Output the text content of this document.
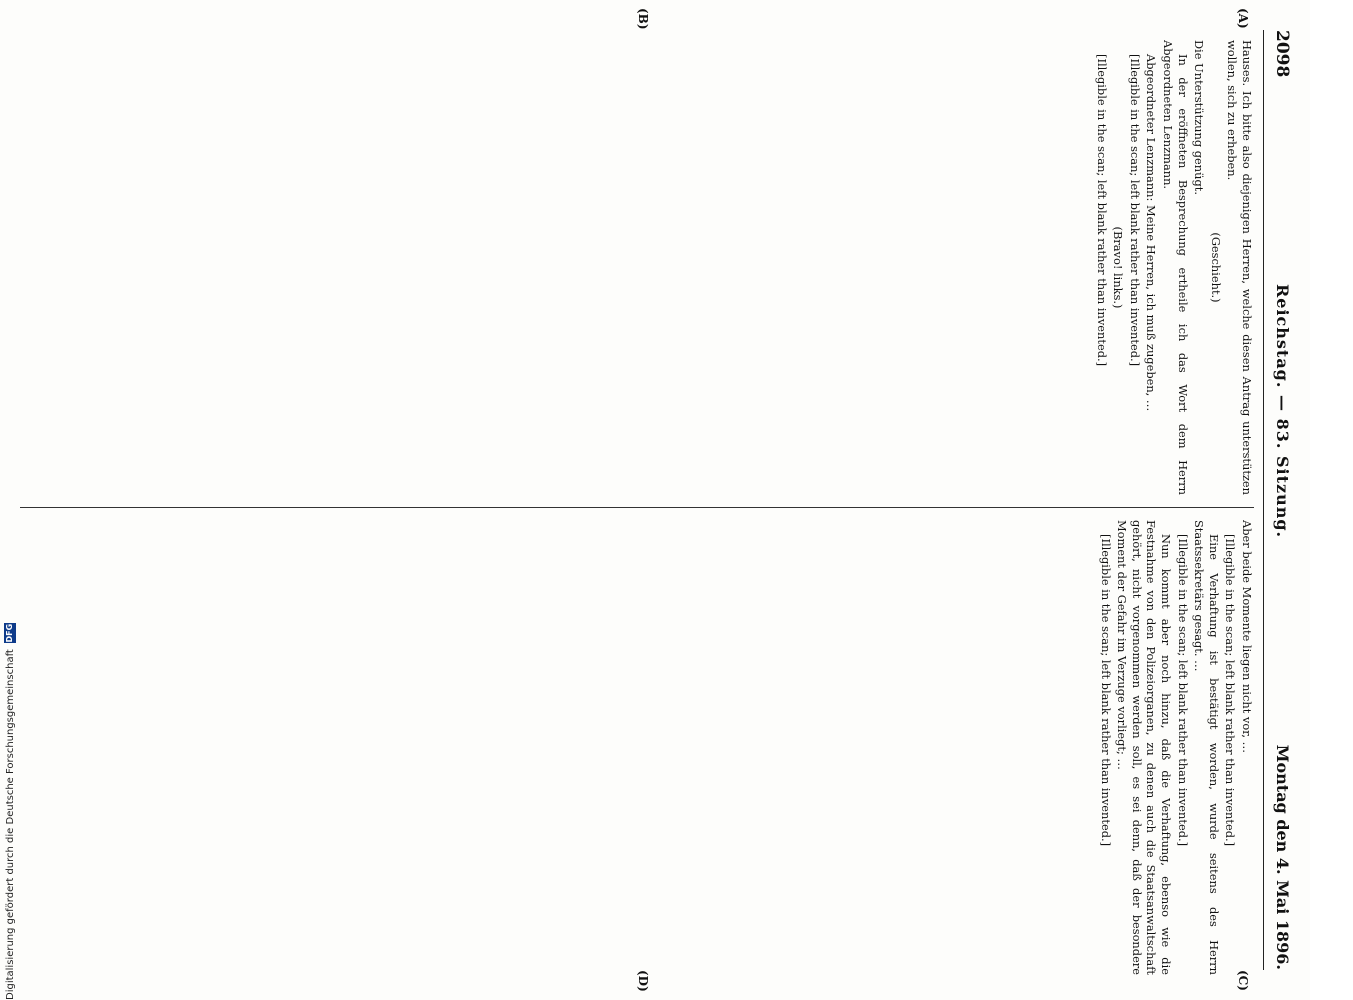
2098
Reichstag. — 83. Sitzung.
Montag den 4. Mai 1896.
(A)
(B)
(C)
(D)

Hauses. Ich bitte also diejenigen Herren, welche diesen Antrag unterstützen wollen, sich zu erheben.

(Geschieht.)

Die Unterstützung genügt.

In der eröffneten Besprechung ertheile ich das Wort dem Herrn Abgeordneten Lenzmann.

Abgeordneter Lenzmann: Meine Herren, ich muß zugeben, …

[Illegible in the scan; left blank rather than invented.]

(Bravo! links.)

[Illegible in the scan; left blank rather than invented.]

Aber beide Momente liegen nicht vor, …

[Illegible in the scan; left blank rather than invented.]

Eine Verhaftung ist bestätigt worden, wurde seitens des Herrn Staatssekretärs gesagt. …

[Illegible in the scan; left blank rather than invented.]

Nun kommt aber noch hinzu, daß die Verhaftung, ebenso wie die Festnahme von den Polizeiorganen, zu denen auch die Staatsanwaltschaft gehört, nicht vorgenommen werden soll, es sei denn, daß der besondere Moment der Gefahr im Verzuge vorliegt; …

[Illegible in the scan; left blank rather than invented.]

Digitalisierung gefördert durch die Deutsche Forschungsgemeinschaft
DFG
